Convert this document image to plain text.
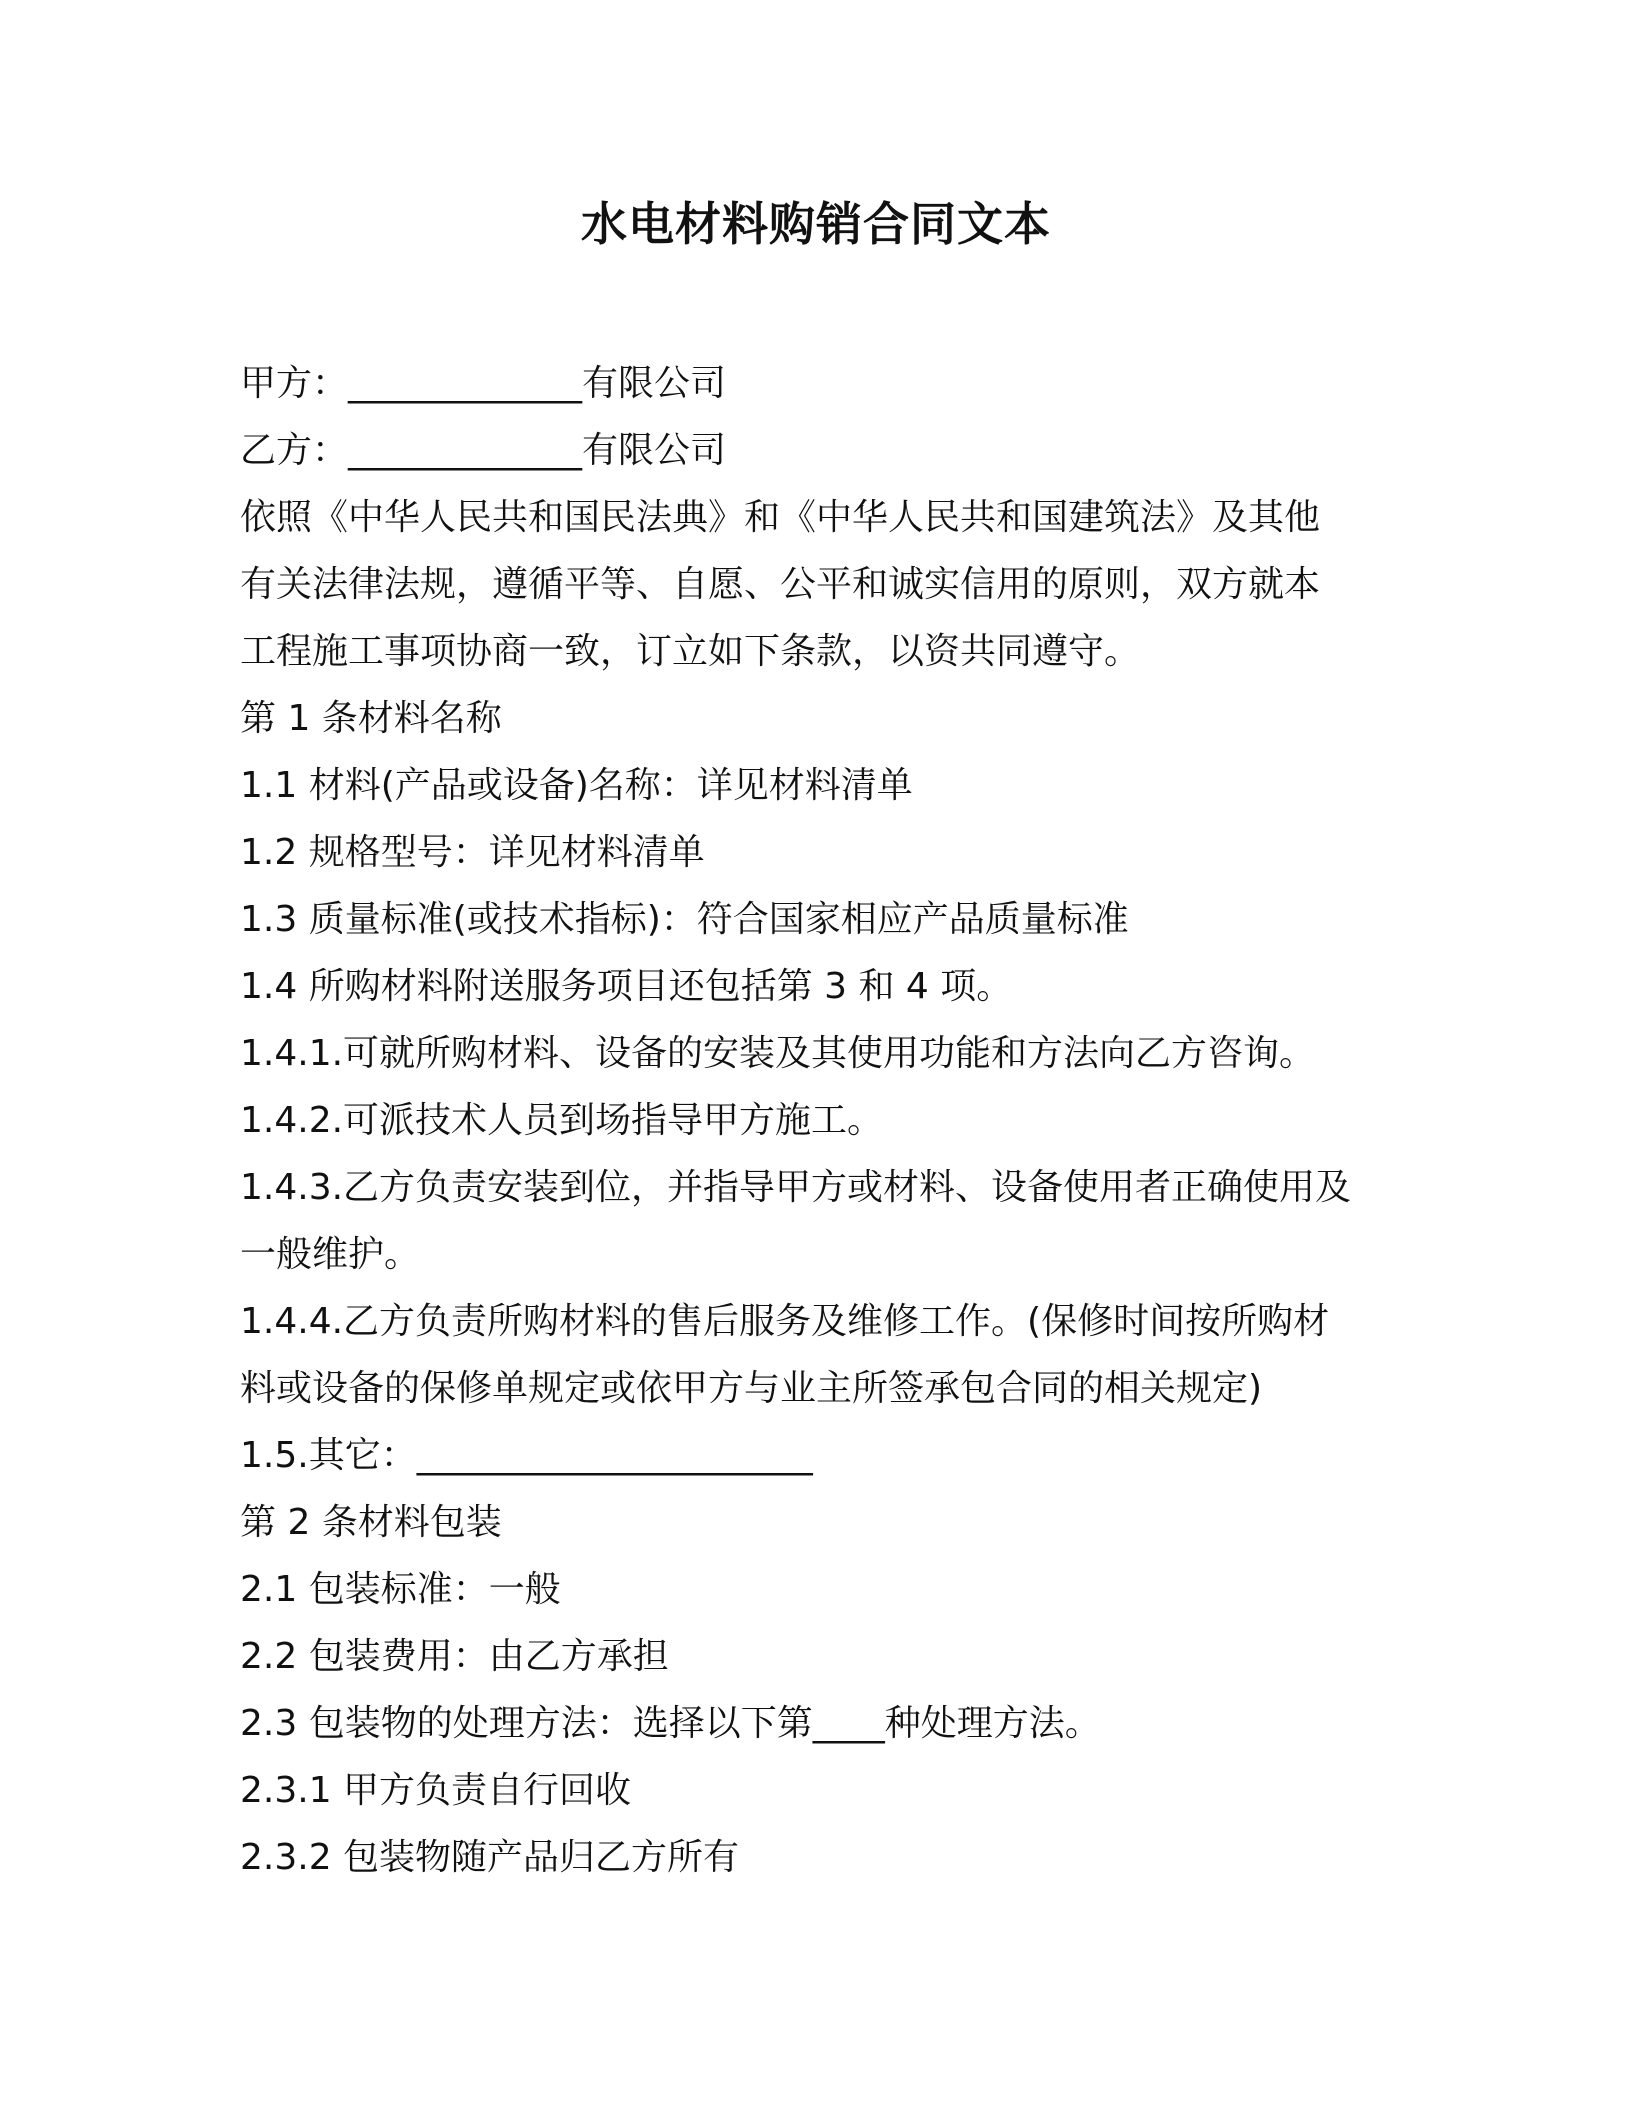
水电材料购销合同文本
甲方：_____________有限公司
乙方：_____________有限公司
依照《中华人民共和国民法典》和《中华人民共和国建筑法》及其他
有关法律法规，遵循平等、自愿、公平和诚实信用的原则，双方就本
工程施工事项协商一致，订立如下条款，以资共同遵守。
第 1 条材料名称
1.1 材料(产品或设备)名称：详见材料清单
1.2 规格型号：详见材料清单
1.3 质量标准(或技术指标)：符合国家相应产品质量标准
1.4 所购材料附送服务项目还包括第 3 和 4 项。
1.4.1.可就所购材料、设备的安装及其使用功能和方法向乙方咨询。
1.4.2.可派技术人员到场指导甲方施工。
1.4.3.乙方负责安装到位，并指导甲方或材料、设备使用者正确使用及
一般维护。
1.4.4.乙方负责所购材料的售后服务及维修工作。(保修时间按所购材
料或设备的保修单规定或依甲方与业主所签承包合同的相关规定)
1.5.其它：______________________
第 2 条材料包装
2.1 包装标准：一般
2.2 包装费用：由乙方承担
2.3 包装物的处理方法：选择以下第____种处理方法。
2.3.1 甲方负责自行回收
2.3.2 包装物随产品归乙方所有
